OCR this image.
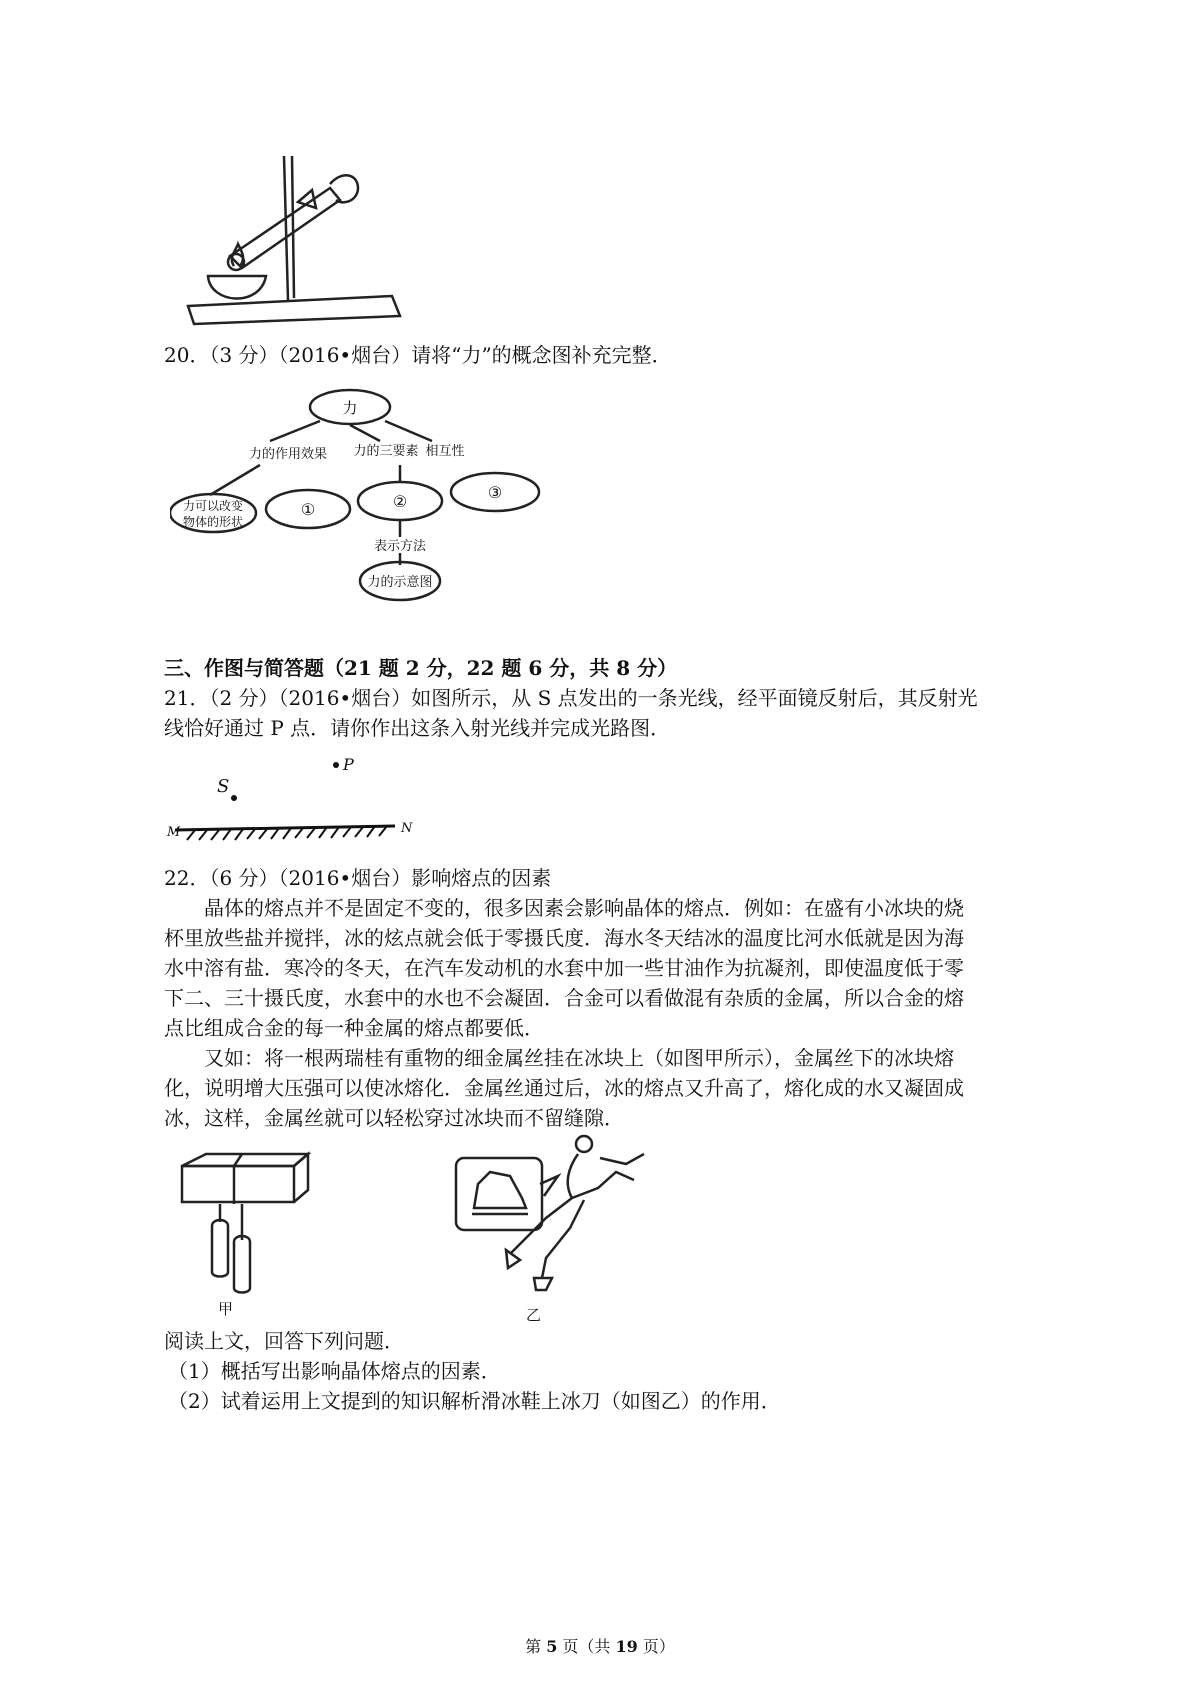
20．（3 分）（2016•烟台）请将“力”的概念图补充完整．
力
力的作用效果 力的三要素 相互性
力可以改变
物体的形状
①	②	③
表示方法
力的示意图
三、作图与简答题（21 题 2 分，22 题 6 分，共 8 分）
21．（2 分）（2016•烟台）如图所示，从 S 点发出的一条光线，经平面镜反射后，其反射光
线恰好通过 P 点．请你作出这条入射光线并完成光路图．
P
S
M	N
22．（6 分）（2016•烟台）影响熔点的因素
晶体的熔点并不是固定不变的，很多因素会影响晶体的熔点．例如：在盛有小冰块的烧
杯里放些盐并搅拌，冰的炫点就会低于零摄氏度．海水冬天结冰的温度比河水低就是因为海
水中溶有盐．寒冷的冬天，在汽车发动机的水套中加一些甘油作为抗凝剂，即使温度低于零
下二、三十摄氏度，水套中的水也不会凝固．合金可以看做混有杂质的金属，所以合金的熔
点比组成合金的每一种金属的熔点都要低．
又如：将一根两瑞桂有重物的细金属丝挂在冰块上（如图甲所示），金属丝下的冰块熔
化，说明增大压强可以使冰熔化．金属丝通过后，冰的熔点又升高了，熔化成的水又凝固成
冰，这样，金属丝就可以轻松穿过冰块而不留缝隙．
甲	乙
阅读上文，回答下列问题．
（1）概括写出影响晶体熔点的因素．
（2）试着运用上文提到的知识解析滑冰鞋上冰刀（如图乙）的作用．
第 5 页（共 19 页）
